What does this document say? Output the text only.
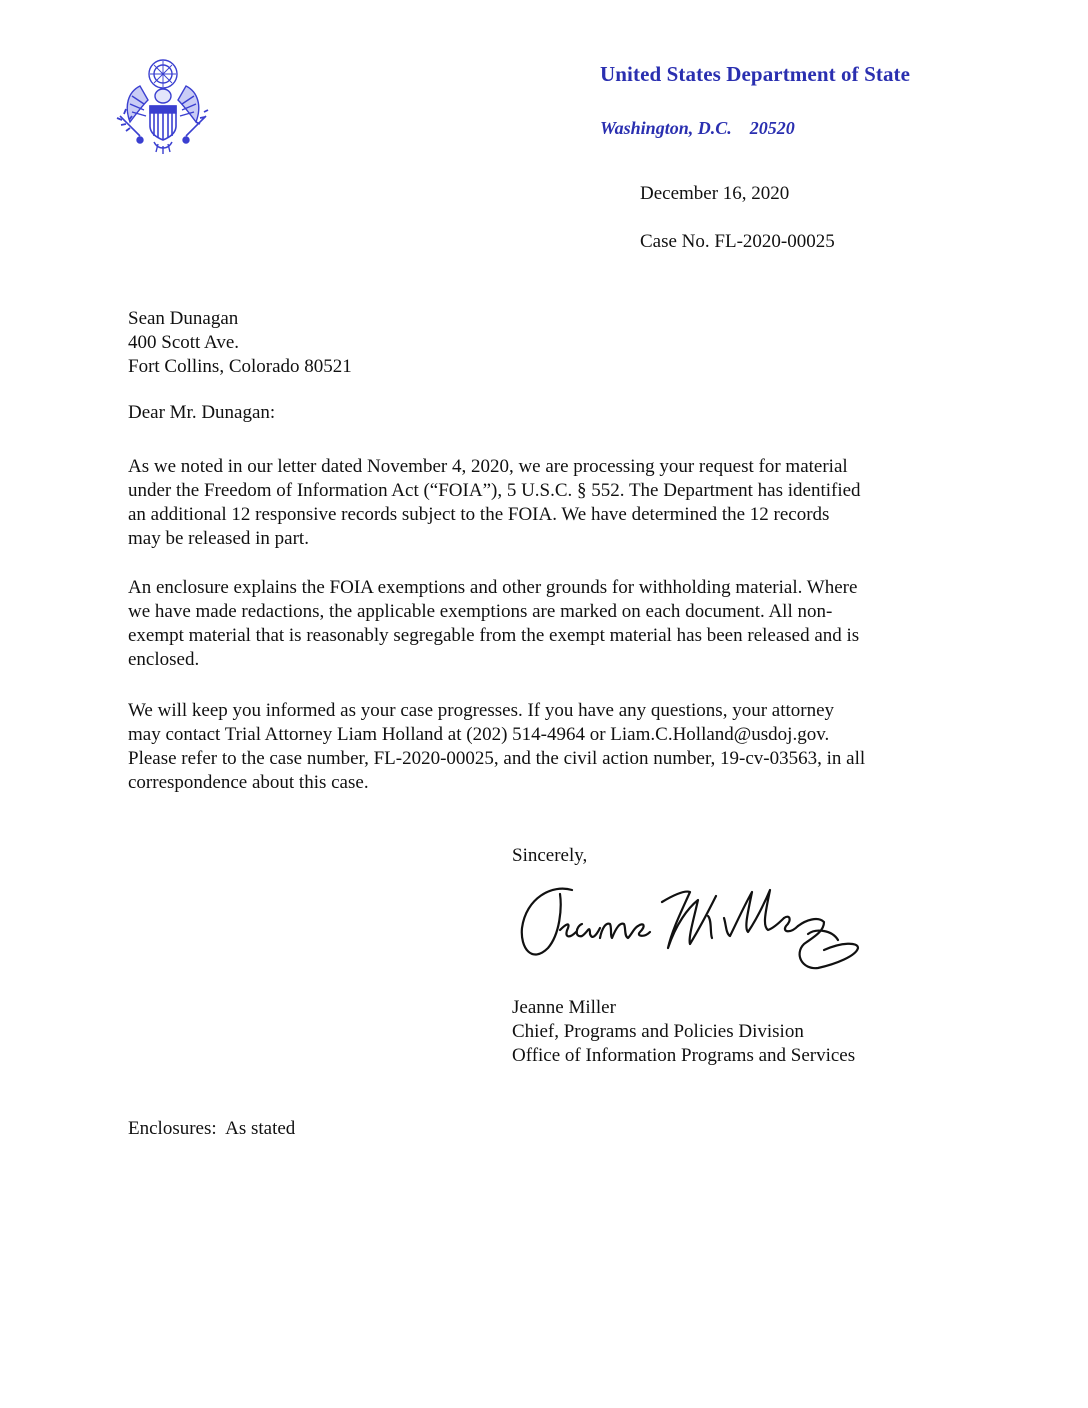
United States Department of State
Washington, D.C.    20520
December 16, 2020
Case No. FL-2020-00025
Sean Dunagan
400 Scott Ave.
Fort Collins, Colorado 80521
Dear Mr. Dunagan:
As we noted in our letter dated November 4, 2020, we are processing your request for material
under the Freedom of Information Act (“FOIA”), 5 U.S.C. § 552. The Department has identified
an additional 12 responsive records subject to the FOIA. We have determined the 12 records
may be released in part.
An enclosure explains the FOIA exemptions and other grounds for withholding material. Where
we have made redactions, the applicable exemptions are marked on each document. All non-
exempt material that is reasonably segregable from the exempt material has been released and is
enclosed.
We will keep you informed as your case progresses. If you have any questions, your attorney
may contact Trial Attorney Liam Holland at (202) 514-4964 or Liam.C.Holland@usdoj.gov.
Please refer to the case number, FL-2020-00025, and the civil action number, 19-cv-03563, in all
correspondence about this case.
Sincerely,
Jeanne Miller
Chief, Programs and Policies Division
Office of Information Programs and Services
Enclosures:  As stated
